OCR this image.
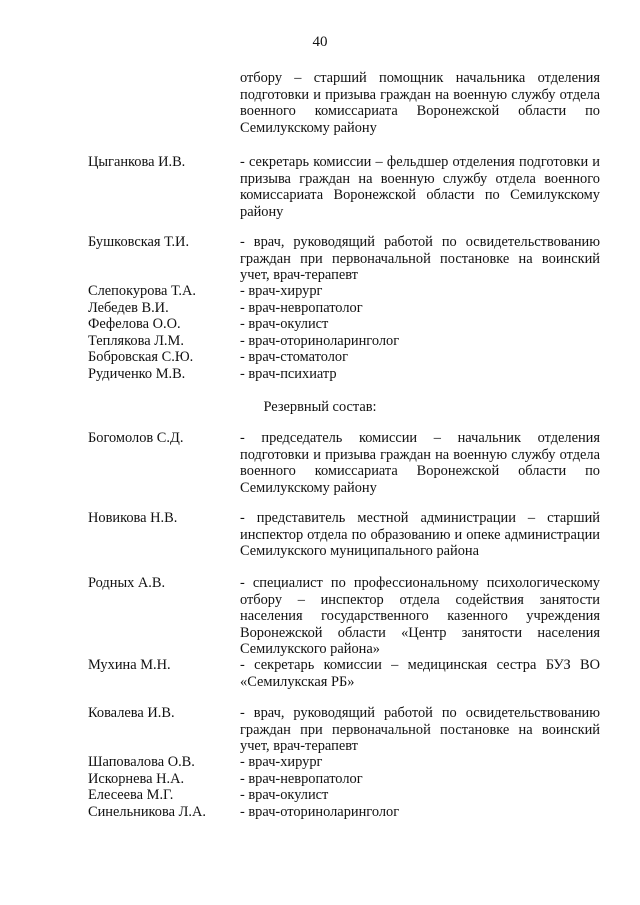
40
отбору – старший помощник начальника отделения подготовки и призыва граждан на военную службу отдела военного комиссариата Воронежской области по Семилукскому району
Цыганкова И.В.	- секретарь комиссии – фельдшер отделения подготовки и призыва граждан на военную службу отдела военного комиссариата Воронежской области по Семилукскому району
Бушковская Т.И.	- врач, руководящий работой по освидетельствованию граждан при первоначальной постановке на воинский учет, врач-терапевт
Слепокурова Т.А.	- врач-хирург
Лебедев В.И.	- врач-невропатолог
Фефелова О.О.	- врач-окулист
Теплякова Л.М.	- врач-оториноларинголог
Бобровская С.Ю.	- врач-стоматолог
Рудиченко М.В.	- врач-психиатр
Резервный состав:
Богомолов С.Д.	- председатель комиссии – начальник отделения подготовки и призыва граждан на военную службу отдела военного комиссариата Воронежской области по Семилукскому району
Новикова Н.В.	- представитель местной администрации – старший инспектор отдела по образованию и опеке администрации Семилукского муниципального района
Родных А.В.	- специалист по профессиональному психологическому отбору – инспектор отдела содействия занятости населения государственного казенного учреждения Воронежской области «Центр занятости населения Семилукского района»
Мухина М.Н.	- секретарь комиссии – медицинская сестра БУЗ ВО «Семилукская РБ»
Ковалева И.В.	- врач, руководящий работой по освидетельствованию граждан при первоначальной постановке на воинский учет, врач-терапевт
Шаповалова О.В.	- врач-хирург
Искорнева Н.А.	- врач-невропатолог
Елесеева М.Г.	- врач-окулист
Синельникова Л.А. - врач-оториноларинголог
